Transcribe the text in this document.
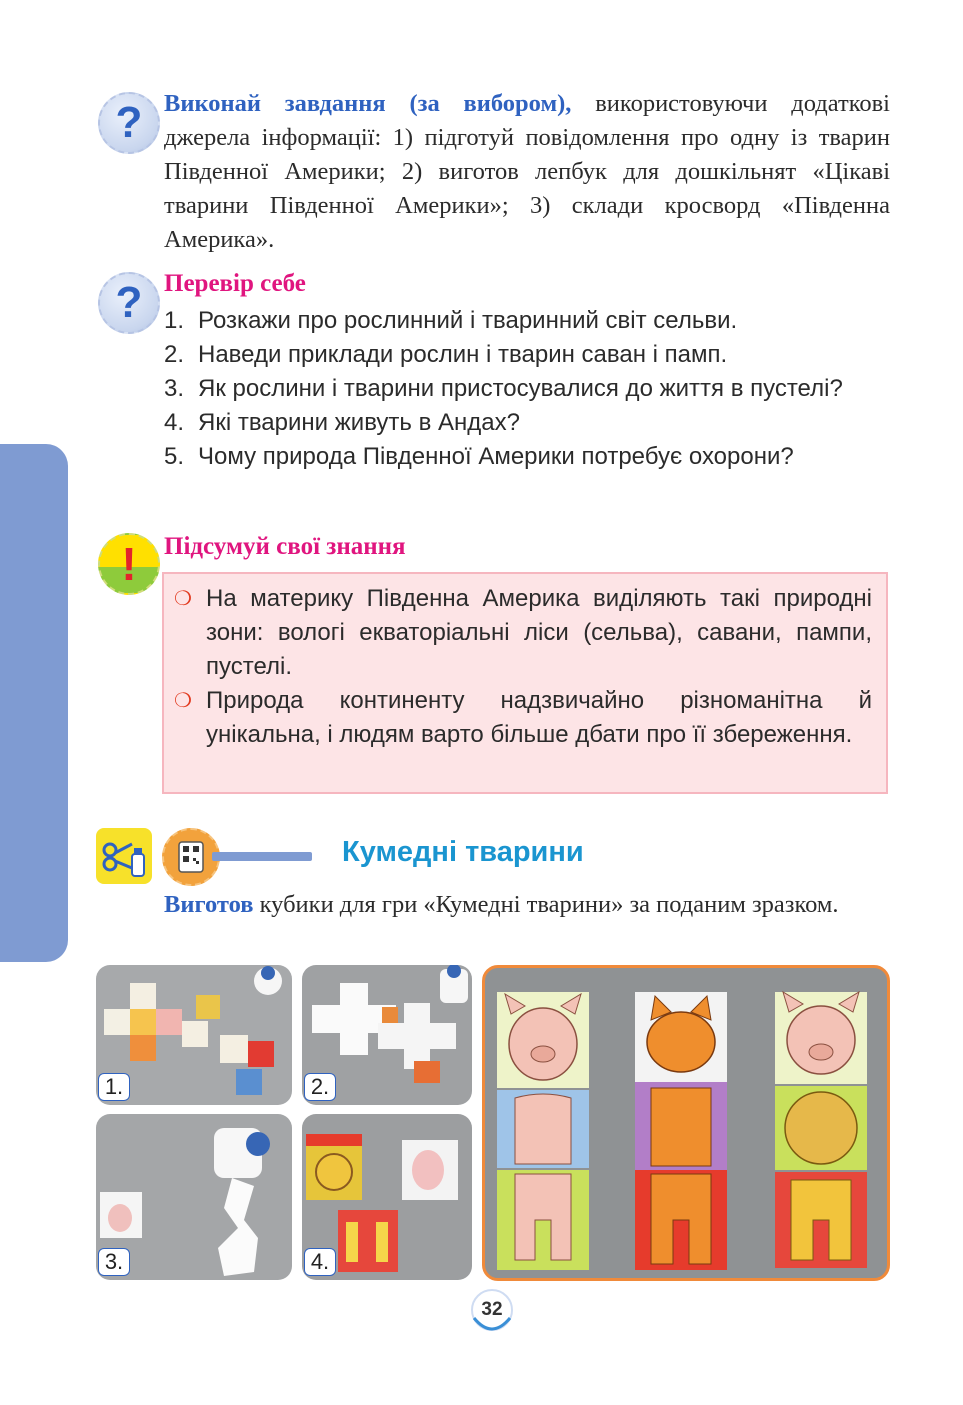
? Виконай завдання (за вибором), використовуючи додаткові джерела інформації: 1) підготуй повідомлення про одну із тварин Південної Америки; 2) виготов лепбук для дошкільнят «Цікаві тварини Південної Америки»; 3) склади кросворд «Південна Америка».

? Перевір себе
1. Розкажи про рослинний і тваринний світ сельви.
2. Наведи приклади рослин і тварин саван і памп.
3. Як рослини і тварини пристосувалися до життя в пустелі?
4. Які тварини живуть в Андах?
5. Чому природа Південної Америки потребує охорони?
! Підсумуй свої знання
❍ На материку Південна Америка виділяють такі природні зони: вологі екваторіальні ліси (сельва), савани, пампи, пустелі.
❍ Природа континенту надзвичайно різноманітна й унікальна, і людям варто більше дбати про її збереження.
Кумедні тварини

Виготов кубики для гри «Кумедні тварини» за поданим зразком.

1.	2.
3.	4.
32
